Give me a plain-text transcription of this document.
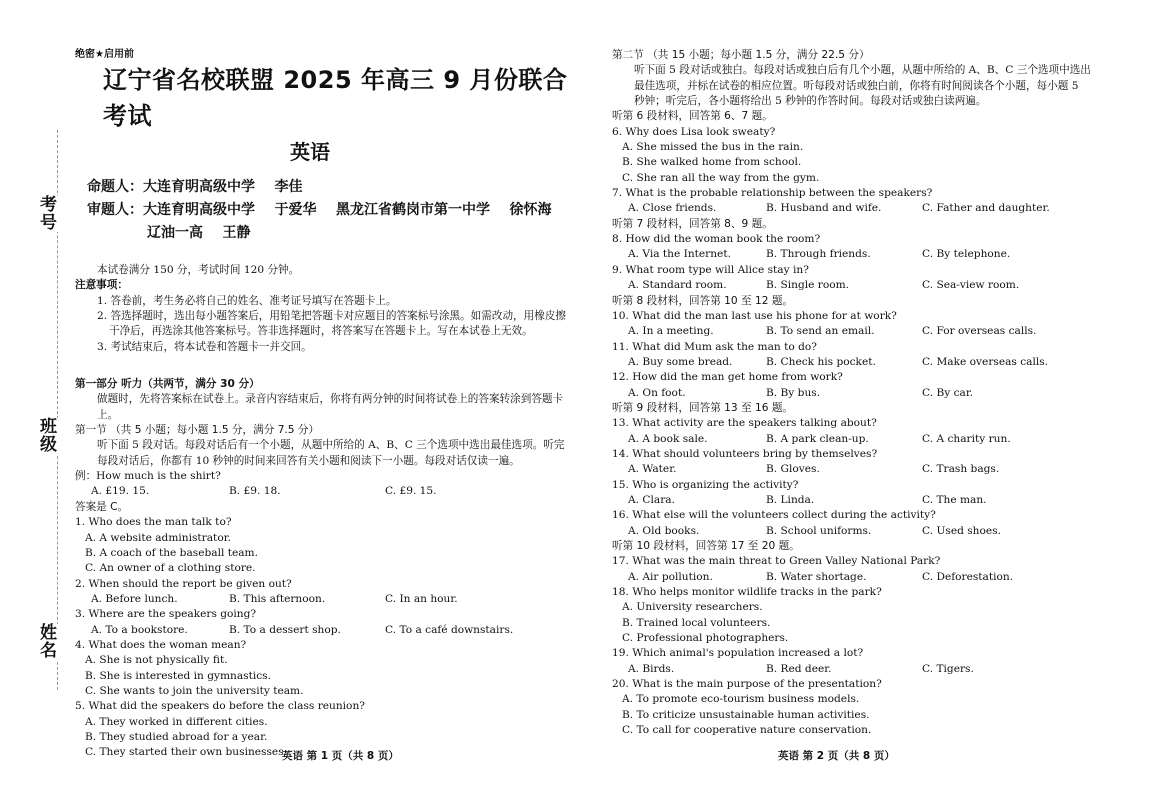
考号
班级
姓名
绝密★启用前
辽宁省名校联盟 2025 年高三 9 月份联合考试
英语
命题人：大连育明高级中学    李佳
审题人：大连育明高级中学    于爱华    黑龙江省鹤岗市第一中学    徐怀海
辽油一高    王静
本试卷满分 150 分，考试时间 120 分钟。
注意事项：
1. 答卷前，考生务必将自己的姓名、准考证号填写在答题卡上。
2. 答选择题时，选出每小题答案后，用铅笔把答题卡对应题目的答案标号涂黑。如需改动，用橡皮擦干净后，再选涂其他答案标号。答非选择题时，将答案写在答题卡上。写在本试卷上无效。
3. 考试结束后，将本试卷和答题卡一并交回。
第一部分 听力（共两节，满分 30 分）
做题时，先将答案标在试卷上。录音内容结束后，你将有两分钟的时间将试卷上的答案转涂到答题卡上。
第一节 （共 5 小题；每小题 1.5 分，满分 7.5 分）
听下面 5 段对话。每段对话后有一个小题，从题中所给的 A、B、C 三个选项中选出最佳选项。听完每段对话后，你都有 10 秒钟的时间来回答有关小题和阅读下一小题。每段对话仅读一遍。
例：How much is the shirt?
A. £19. 15.	B. £9. 18.	C. £9. 15.
答案是 C。
1. Who does the man talk to?
A. A website administrator.
B. A coach of the baseball team.
C. An owner of a clothing store.
2. When should the report be given out?
A. Before lunch.	B. This afternoon.	C. In an hour.
3. Where are the speakers going?
A. To a bookstore.	B. To a dessert shop.	C. To a café downstairs.
4. What does the woman mean?
A. She is not physically fit.
B. She is interested in gymnastics.
C. She wants to join the university team.
5. What did the speakers do before the class reunion?
A. They worked in different cities.
B. They studied abroad for a year.
C. They started their own businesses.
英语 第 1 页（共 8 页）
第二节 （共 15 小题；每小题 1.5 分，满分 22.5 分）
听下面 5 段对话或独白。每段对话或独白后有几个小题，从题中所给的 A、B、C 三个选项中选出最佳选项，并标在试卷的相应位置。听每段对话或独白前，你将有时间阅读各个小题，每小题 5 秒钟；听完后，各小题将给出 5 秒钟的作答时间。每段对话或独白读两遍。
听第 6 段材料，回答第 6、7 题。
6. Why does Lisa look sweaty?
A. She missed the bus in the rain.
B. She walked home from school.
C. She ran all the way from the gym.
7. What is the probable relationship between the speakers?
A. Close friends.	B. Husband and wife.	C. Father and daughter.
听第 7 段材料，回答第 8、9 题。
8. How did the woman book the room?
A. Via the Internet.	B. Through friends.	C. By telephone.
9. What room type will Alice stay in?
A. Standard room.	B. Single room.	C. Sea-view room.
听第 8 段材料，回答第 10 至 12 题。
10. What did the man last use his phone for at work?
A. In a meeting.	B. To send an email.	C. For overseas calls.
11. What did Mum ask the man to do?
A. Buy some bread.	B. Check his pocket.	C. Make overseas calls.
12. How did the man get home from work?
A. On foot.	B. By bus.	C. By car.
听第 9 段材料，回答第 13 至 16 题。
13. What activity are the speakers talking about?
A. A book sale.	B. A park clean-up.	C. A charity run.
14. What should volunteers bring by themselves?
A. Water.	B. Gloves.	C. Trash bags.
15. Who is organizing the activity?
A. Clara.	B. Linda.	C. The man.
16. What else will the volunteers collect during the activity?
A. Old books.	B. School uniforms.	C. Used shoes.
听第 10 段材料，回答第 17 至 20 题。
17. What was the main threat to Green Valley National Park?
A. Air pollution.	B. Water shortage.	C. Deforestation.
18. Who helps monitor wildlife tracks in the park?
A. University researchers.
B. Trained local volunteers.
C. Professional photographers.
19. Which animal's population increased a lot?
A. Birds.	B. Red deer.	C. Tigers.
20. What is the main purpose of the presentation?
A. To promote eco-tourism business models.
B. To criticize unsustainable human activities.
C. To call for cooperative nature conservation.
英语 第 2 页（共 8 页）
